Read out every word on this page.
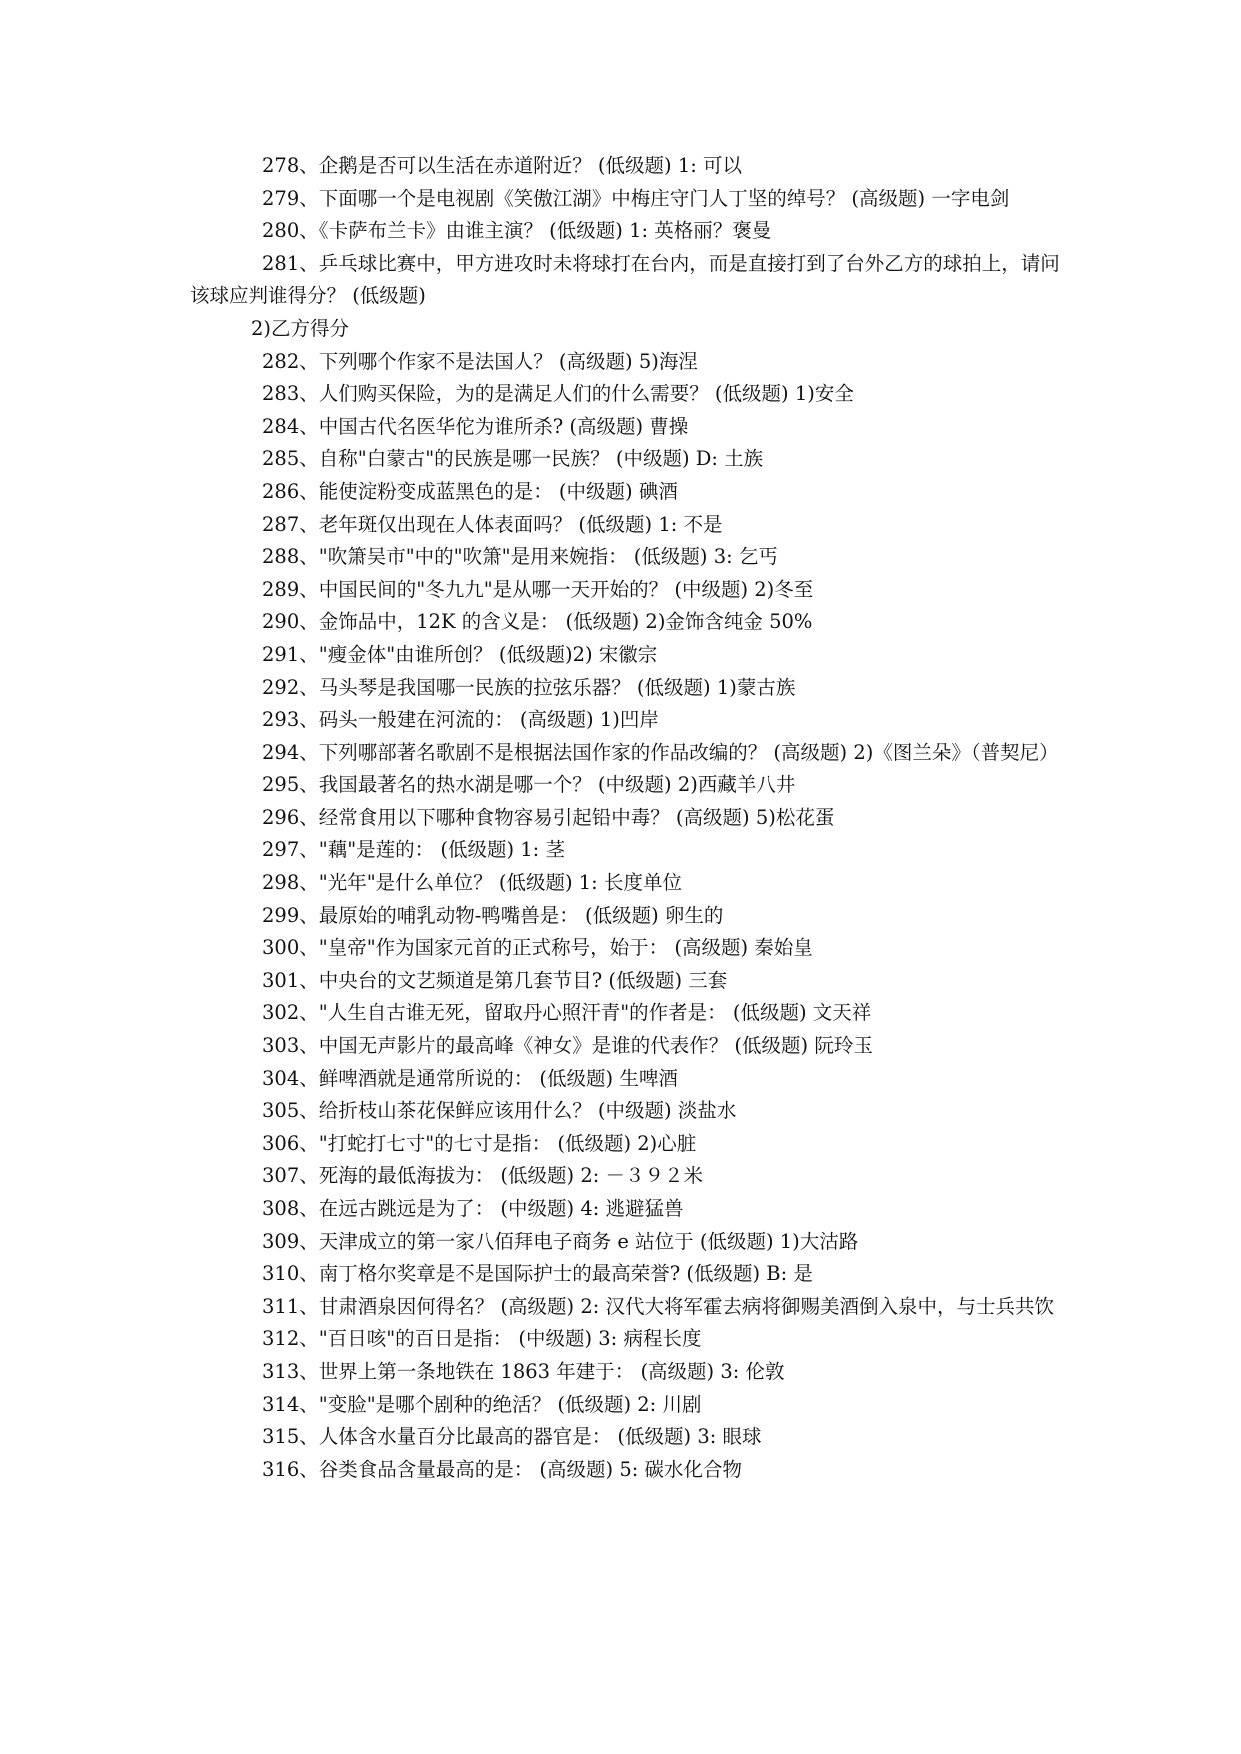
278、企鹅是否可以生活在赤道附近？ (低级题) 1: 可以

279、下面哪一个是电视剧《笑傲江湖》中梅庄守门人丁坚的绰号？ (高级题) 一字电剑

280、《卡萨布兰卡》由谁主演？ (低级题) 1: 英格丽？褒曼

281、乒乓球比赛中，甲方进攻时未将球打在台内，而是直接打到了台外乙方的球拍上，请问该球应判谁得分？ (低级题)

2)乙方得分

282、下列哪个作家不是法国人？ (高级题) 5)海涅

283、人们购买保险，为的是满足人们的什么需要？ (低级题) 1)安全

284、中国古代名医华佗为谁所杀? (高级题) 曹操

285、自称"白蒙古"的民族是哪一民族？ (中级题) D: 土族

286、能使淀粉变成蓝黑色的是： (中级题) 碘酒

287、老年斑仅出现在人体表面吗？ (低级题) 1: 不是

288、"吹箫吴市"中的"吹箫"是用来婉指： (低级题) 3: 乞丐

289、中国民间的"冬九九"是从哪一天开始的？ (中级题) 2)冬至

290、金饰品中，12K 的含义是： (低级题) 2)金饰含纯金 50%

291、"瘦金体"由谁所创？ (低级题)2) 宋徽宗

292、马头琴是我国哪一民族的拉弦乐器？ (低级题) 1)蒙古族

293、码头一般建在河流的： (高级题) 1)凹岸

294、下列哪部著名歌剧不是根据法国作家的作品改编的？ (高级题) 2)《图兰朵》（普契尼）

295、我国最著名的热水湖是哪一个？ (中级题) 2)西藏羊八井

296、经常食用以下哪种食物容易引起铅中毒？ (高级题) 5)松花蛋

297、"藕"是莲的： (低级题) 1: 茎

298、"光年"是什么单位？ (低级题) 1: 长度单位

299、最原始的哺乳动物-鸭嘴兽是： (低级题) 卵生的

300、"皇帝"作为国家元首的正式称号，始于： (高级题) 秦始皇

301、中央台的文艺频道是第几套节目? (低级题) 三套

302、"人生自古谁无死，留取丹心照汗青"的作者是： (低级题) 文天祥

303、中国无声影片的最高峰《神女》是谁的代表作？ (低级题) 阮玲玉

304、鲜啤酒就是通常所说的： (低级题) 生啤酒

305、给折枝山茶花保鲜应该用什么？ (中级题) 淡盐水

306、"打蛇打七寸"的七寸是指： (低级题) 2)心脏

307、死海的最低海拔为： (低级题) 2: －３９２米

308、在远古跳远是为了： (中级题) 4: 逃避猛兽

309、天津成立的第一家八佰拜电子商务 e 站位于 (低级题) 1)大沽路

310、南丁格尔奖章是不是国际护士的最高荣誉? (低级题) B: 是

311、甘肃酒泉因何得名？ (高级题) 2: 汉代大将军霍去病将御赐美酒倒入泉中，与士兵共饮

312、"百日咳"的百日是指： (中级题) 3: 病程长度

313、世界上第一条地铁在 1863 年建于： (高级题) 3: 伦敦

314、"变脸"是哪个剧种的绝活？ (低级题) 2: 川剧

315、人体含水量百分比最高的器官是： (低级题) 3: 眼球

316、谷类食品含量最高的是： (高级题) 5: 碳水化合物
